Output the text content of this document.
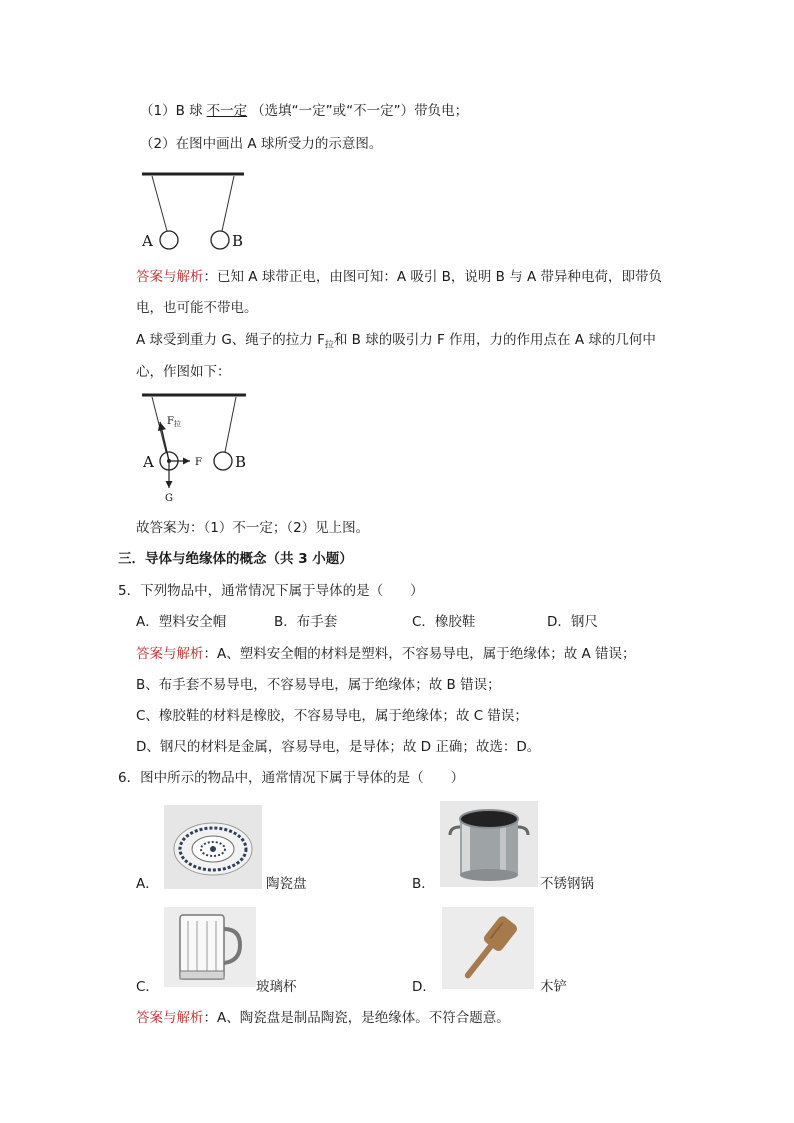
（1）B 球 不一定 （选填“一定”或“不一定”）带负电；
（2）在图中画出 A 球所受力的示意图。
A	B
答案与解析：已知 A 球带正电，由图可知：A 吸引 B，说明 B 与 A 带异种电荷，即带负
电，也可能不带电。
A 球受到重力 G、绳子的拉力 $F_拉$和 B 球的吸引力 F 作用，力的作用点在 A 球的几何中
心，作图如下：
$F_拉$
F
G
A	B
故答案为：（1）不一定；（2）见上图。
三．导体与绝缘体的概念（共 3 小题）
5．下列物品中，通常情况下属于导体的是（　　）
A．塑料安全帽	B．布手套	C．橡胶鞋	D．钢尺
答案与解析：A、塑料安全帽的材料是塑料，不容易导电，属于绝缘体；故 A 错误；
B、布手套不易导电，不容易导电，属于绝缘体；故 B 错误；
C、橡胶鞋的材料是橡胶，不容易导电，属于绝缘体；故 C 错误；
D、钢尺的材料是金属，容易导电，是导体；故 D 正确；故选：D。
6．图中所示的物品中，通常情况下属于导体的是（　　）
A．	陶瓷盘	B．	不锈钢锅
C．	玻璃杯	D．	木铲
答案与解析：A、陶瓷盘是制品陶瓷，是绝缘体。不符合题意。
